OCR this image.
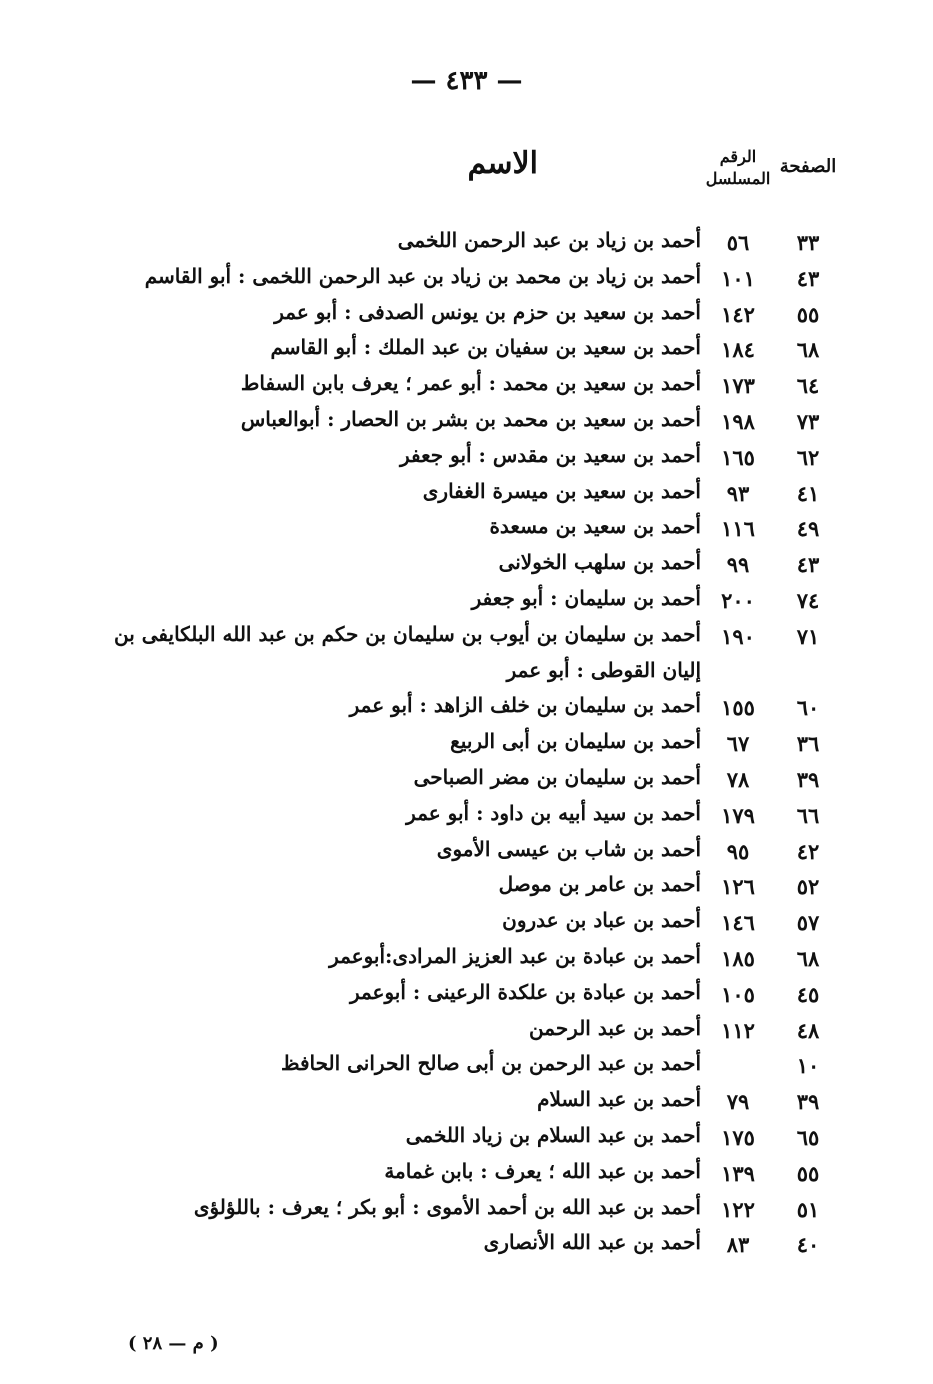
— ٤٣٣ —
الصفحة
الرقم
المسلسل
الاسم
٣٣
٥٦
أحمد بن زياد بن عبد الرحمن اللخمى
٤٣
١٠١
أحمد بن زياد بن محمد بن زياد بن عبد الرحمن اللخمى : أبو القاسم
٥٥
١٤٢
أحمد بن سعيد بن حزم بن يونس الصدفى : أبو عمر
٦٨
١٨٤
أحمد بن سعيد بن سفيان بن عبد الملك : أبو القاسم
٦٤
١٧٣
أحمد بن سعيد بن محمد : أبو عمر ؛ يعرف بابن السفاط
٧٣
١٩٨
أحمد بن سعيد بن محمد بن بشر بن الحصار : أبوالعباس
٦٢
١٦٥
أحمد بن سعيد بن مقدس : أبو جعفر
٤١
٩٣
أحمد بن سعيد بن ميسرة الغفارى
٤٩
١١٦
أحمد بن سعيد بن مسعدة
٤٣
٩٩
أحمد بن سلهب الخولانى
٧٤
٢٠٠
أحمد بن سليمان : أبو جعفر
٧١
١٩٠
أحمد بن سليمان بن أيوب بن سليمان بن حكم بن عبد الله البلكايفى بن
إليان القوطى : أبو عمر
٦٠
١٥٥
أحمد بن سليمان بن خلف الزاهد : أبو عمر
٣٦
٦٧
أحمد بن سليمان بن أبى الربيع
٣٩
٧٨
أحمد بن سليمان بن مضر الصباحى
٦٦
١٧٩
أحمد بن سيد أبيه بن داود : أبو عمر
٤٢
٩٥
أحمد بن شاب بن عيسى الأموى
٥٢
١٢٦
أحمد بن عامر بن موصل
٥٧
١٤٦
أحمد بن عباد بن عدرون
٦٨
١٨٥
أحمد بن عبادة بن عبد العزيز المرادى:أبوعمر
٤٥
١٠٥
أحمد بن عبادة بن علكدة الرعينى : أبوعمر
٤٨
١١٢
أحمد بن عبد الرحمن
١٠
أحمد بن عبد الرحمن بن أبى صالح الحرانى الحافظ
٣٩
٧٩
أحمد بن عبد السلام
٦٥
١٧٥
أحمد بن عبد السلام بن زياد اللخمى
٥٥
١٣٩
أحمد بن عبد الله ؛ يعرف : بابن غمامة
٥١
١٢٢
أحمد بن عبد الله بن أحمد الأموى : أبو بكر ؛ يعرف : باللؤلؤى
٤٠
٨٣
أحمد بن عبد الله الأنصارى
( م — ٢٨ )
